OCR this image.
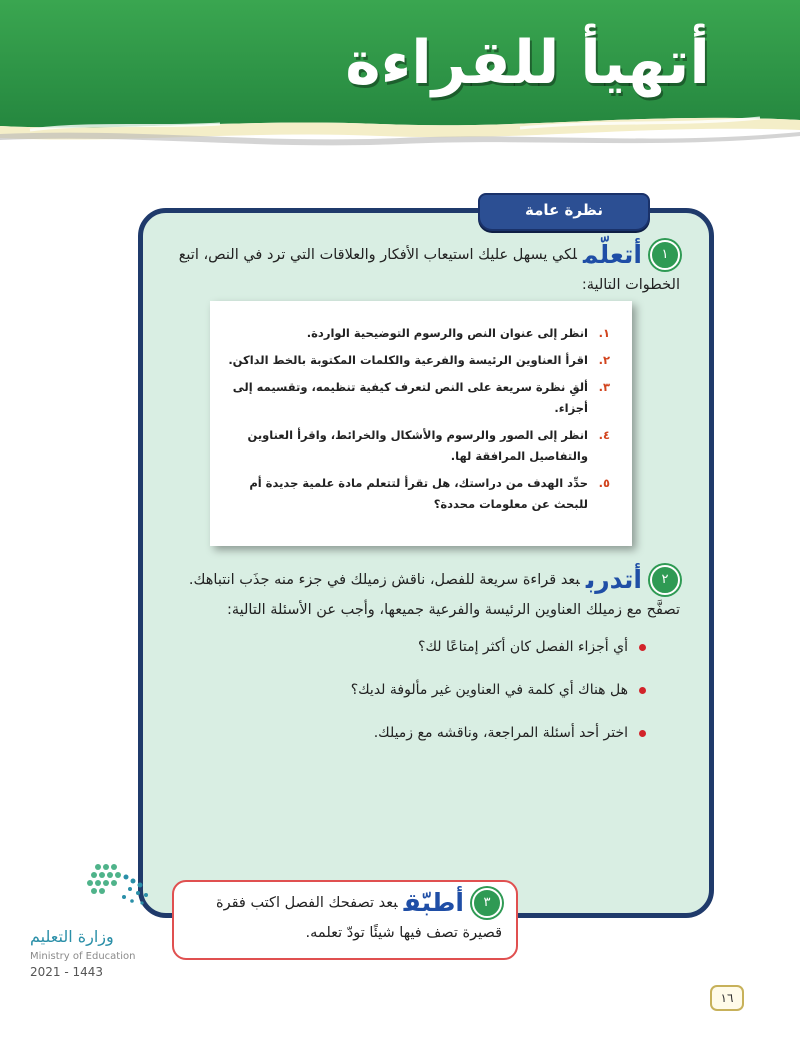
أتهيأ للقراءة
نظرة عامة
١أتعلّملكي يسهل عليك استيعاب الأفكار والعلاقات التي ترد في النص، اتبع الخطوات التالية:
١.
انظر إلى عنوان النص والرسوم التوضيحية الواردة.
٢.
اقرأ العناوين الرئيسة والفرعية والكلمات المكتوبة بالخط الداكن.
٣.
ألقِ نظرة سريعة على النص لتعرف كيفية تنظيمه، وتقسيمه إلى أجزاء.
٤.
انظر إلى الصور والرسوم والأشكال والخرائط، واقرأ العناوين والتفاصيل المرافقة لها.
٥.
حدِّد الهدف من دراستك، هل تقرأ لتتعلم مادة علمية جديدة أم للبحث عن معلومات محددة؟
٢أتدرببعد قراءة سريعة للفصل، ناقش زميلك في جزء منه جذَب انتباهك. تصفَّح مع زميلك العناوين الرئيسة والفرعية جميعها، وأجب عن الأسئلة التالية:
أي أجزاء الفصل كان أكثر إمتاعًا لك؟
هل هناك أي كلمة في العناوين غير مألوفة لديك؟
اختر أحد أسئلة المراجعة، وناقشه مع زميلك.
٣أطبّقبعد تصفحك الفصل اكتب فقرة قصيرة تصف فيها شيئًا تودّ تعلمه.
وزارة التعليم
Ministry of Education
2021 - 1443
١٦
